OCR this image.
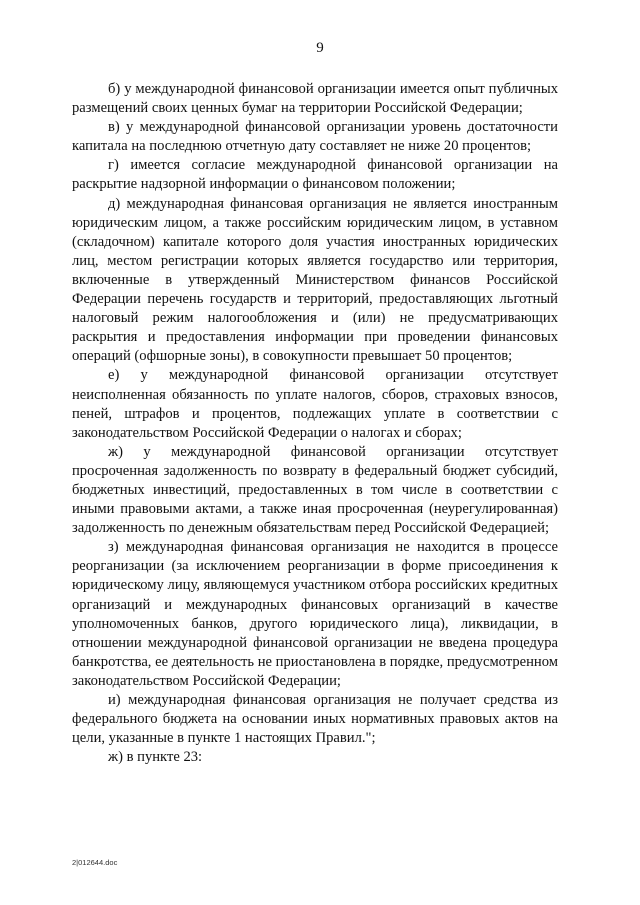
9

б) у международной финансовой организации имеется опыт публичных размещений своих ценных бумаг на территории Российской Федерации;

в) у международной финансовой организации уровень достаточности капитала на последнюю отчетную дату составляет не ниже 20 процентов;

г) имеется согласие международной финансовой организации на раскрытие надзорной информации о финансовом положении;

д) международная финансовая организация не является иностранным юридическим лицом, а также российским юридическим лицом, в уставном (складочном) капитале которого доля участия иностранных юридических лиц, местом регистрации которых является государство или территория, включенные в утвержденный Министерством финансов Российской Федерации перечень государств и территорий, предоставляющих льготный налоговый режим налогообложения и (или) не предусматривающих раскрытия и предоставления информации при проведении финансовых операций (офшорные зоны), в совокупности превышает 50 процентов;

е) у международной финансовой организации отсутствует неисполненная обязанность по уплате налогов, сборов, страховых взносов, пеней, штрафов и процентов, подлежащих уплате в соответствии с законодательством Российской Федерации о налогах и сборах;

ж) у международной финансовой организации отсутствует просроченная задолженность по возврату в федеральный бюджет субсидий, бюджетных инвестиций, предоставленных в том числе в соответствии с иными правовыми актами, а также иная просроченная (неурегулированная) задолженность по денежным обязательствам перед Российской Федерацией;

з) международная финансовая организация не находится в процессе реорганизации (за исключением реорганизации в форме присоединения к юридическому лицу, являющемуся участником отбора российских кредитных организаций и международных финансовых организаций в качестве уполномоченных банков, другого юридического лица), ликвидации, в отношении международной финансовой организации не введена процедура банкротства, ее деятельность не приостановлена в порядке, предусмотренном законодательством Российской Федерации;

и) международная финансовая организация не получает средства из федерального бюджета на основании иных нормативных правовых актов на цели, указанные в пункте 1 настоящих Правил.";

ж) в пункте 23:

2|012644.doc
